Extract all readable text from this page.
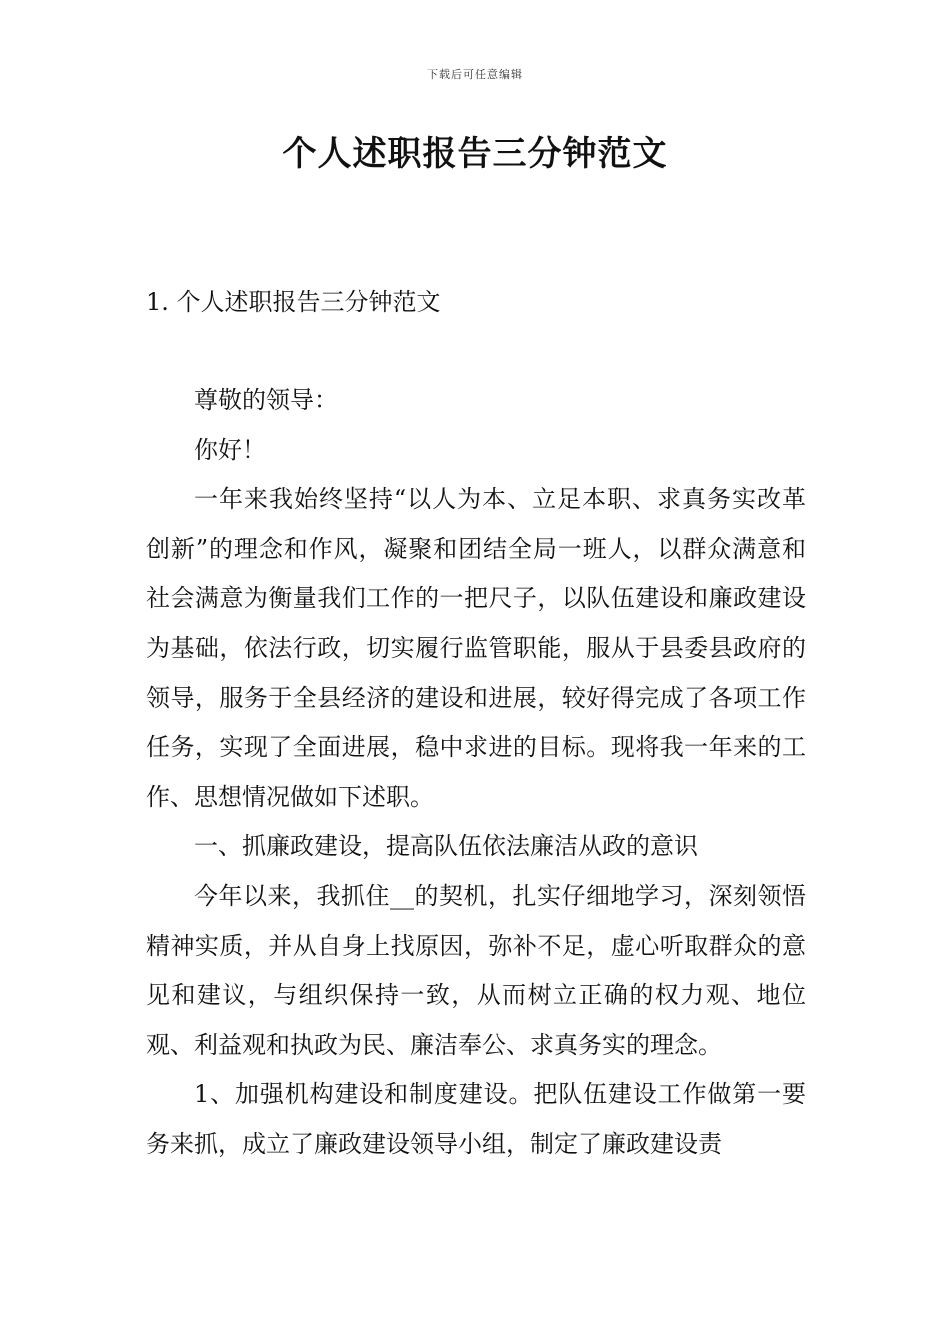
下载后可任意编辑
个人述职报告三分钟范文
1. 个人述职报告三分钟范文

尊敬的领导：

你好！

一年来我始终坚持“以人为本、立足本职、求真务实改革创新”的理念和作风，凝聚和团结全局一班人，以群众满意和社会满意为衡量我们工作的一把尺子，以队伍建设和廉政建设为基础，依法行政，切实履行监管职能，服从于县委县政府的领导，服务于全县经济的建设和进展，较好得完成了各项工作任务，实现了全面进展，稳中求进的目标。现将我一年来的工作、思想情况做如下述职。

一、抓廉政建设，提高队伍依法廉洁从政的意识

今年以来，我抓住__的契机，扎实仔细地学习，深刻领悟精神实质，并从自身上找原因，弥补不足，虚心听取群众的意见和建议，与组织保持一致，从而树立正确的权力观、地位观、利益观和执政为民、廉洁奉公、求真务实的理念。

1、加强机构建设和制度建设。把队伍建设工作做第一要务来抓，成立了廉政建设领导小组，制定了廉政建设责
